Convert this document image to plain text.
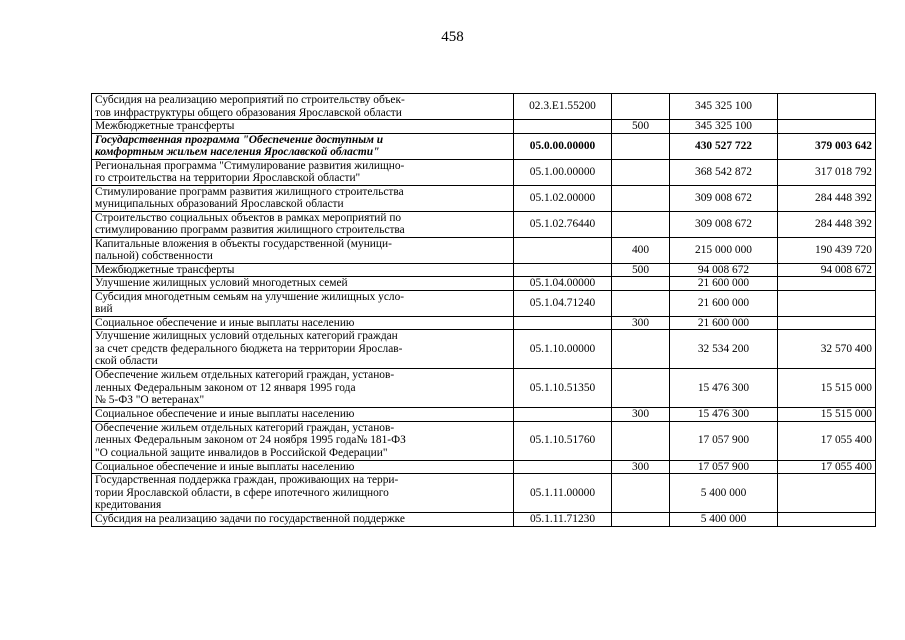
458
Субсидия на реализацию мероприятий по строительству объек-
тов инфраструктуры общего образования Ярославской области	02.3.E1.55200		345 325 100	
Межбюджетные трансферты		500	345 325 100	
Государственная программа "Обеспечение доступным и
комфортным жильем населения Ярославской области"	05.0.00.00000		430 527 722	379 003 642
Региональная программа "Стимулирование развития жилищно-
го строительства на территории Ярославской области"	05.1.00.00000		368 542 872	317 018 792
Стимулирование программ развития жилищного строительства
муниципальных образований Ярославской области	05.1.02.00000		309 008 672	284 448 392
Строительство социальных объектов в рамках мероприятий по
стимулированию программ развития жилищного строительства	05.1.02.76440		309 008 672	284 448 392
Капитальные вложения в объекты государственной (муници-
пальной) собственности		400	215 000 000	190 439 720
Межбюджетные трансферты		500	94 008 672	94 008 672
Улучшение жилищных условий многодетных семей	05.1.04.00000		21 600 000	
Субсидия многодетным семьям на улучшение жилищных усло-
вий	05.1.04.71240		21 600 000	
Социальное обеспечение и иные выплаты населению		300	21 600 000	
Улучшение жилищных условий отдельных категорий граждан
за счет средств федерального бюджета на территории Ярослав-
ской области	05.1.10.00000		32 534 200	32 570 400
Обеспечение жильем отдельных категорий граждан, установ-
ленных Федеральным законом от 12 января 1995 года
№ 5-ФЗ "О ветеранах"	05.1.10.51350		15 476 300	15 515 000
Социальное обеспечение и иные выплаты населению		300	15 476 300	15 515 000
Обеспечение жильем отдельных категорий граждан, установ-
ленных Федеральным законом от 24 ноября 1995 года№ 181-ФЗ
"О социальной защите инвалидов в Российской Федерации"	05.1.10.51760		17 057 900	17 055 400
Социальное обеспечение и иные выплаты населению		300	17 057 900	17 055 400
Государственная поддержка граждан, проживающих на терри-
тории Ярославской области, в сфере ипотечного жилищного
кредитования	05.1.11.00000		5 400 000	
Субсидия на реализацию задачи по государственной поддержке	05.1.11.71230		5 400 000	
